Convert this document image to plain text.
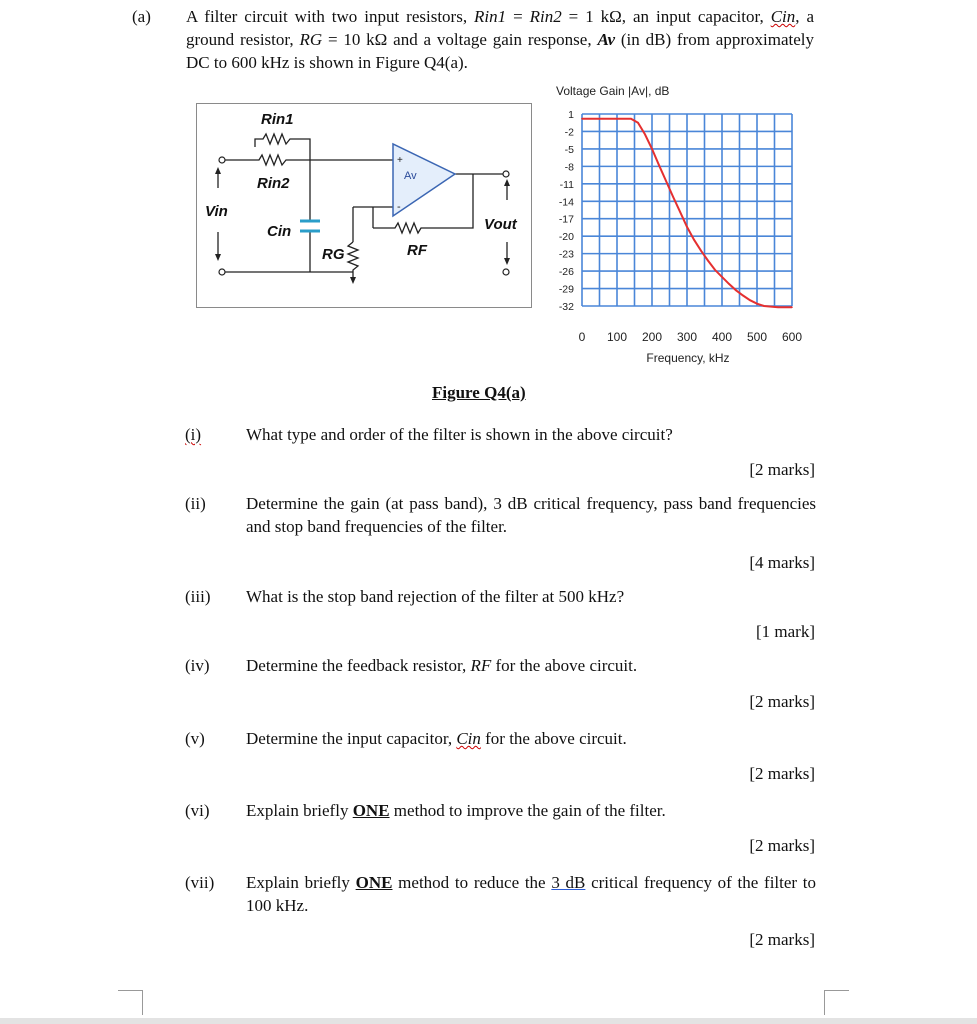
(a) A filter circuit with two input resistors, Rin1 = Rin2 = 1 kΩ, an input capacitor, Cin, a ground resistor, RG = 10 kΩ and a voltage gain response, Av (in dB) from approximately DC to 600 kHz is shown in Figure Q4(a).
+
-
Av
Rin1
Rin2
Vin
Cin
RG	RF
Vout
Voltage Gain |Av|, dB
1
-2
-5
-8
-11
-14
-17
-20
-23
-26
-29
-32
0 100 200 300 400 500 600
Frequency, kHz
Figure Q4(a)
(i)	What type and order of the filter is shown in the above circuit?
[2 marks]
(ii) Determine the gain (at pass band), 3 dB critical frequency, pass band frequencies and stop band frequencies of the filter.
[4 marks]
(iii) What is the stop band rejection of the filter at 500 kHz?
[1 mark]
(iv) Determine the feedback resistor, RF for the above circuit.
[2 marks]
(v) Determine the input capacitor, Cin for the above circuit.
[2 marks]
(vi) Explain briefly ONE method to improve the gain of the filter.
[2 marks]
(vii) Explain briefly ONE method to reduce the 3 dB critical frequency of the filter to 100 kHz.
[2 marks]
